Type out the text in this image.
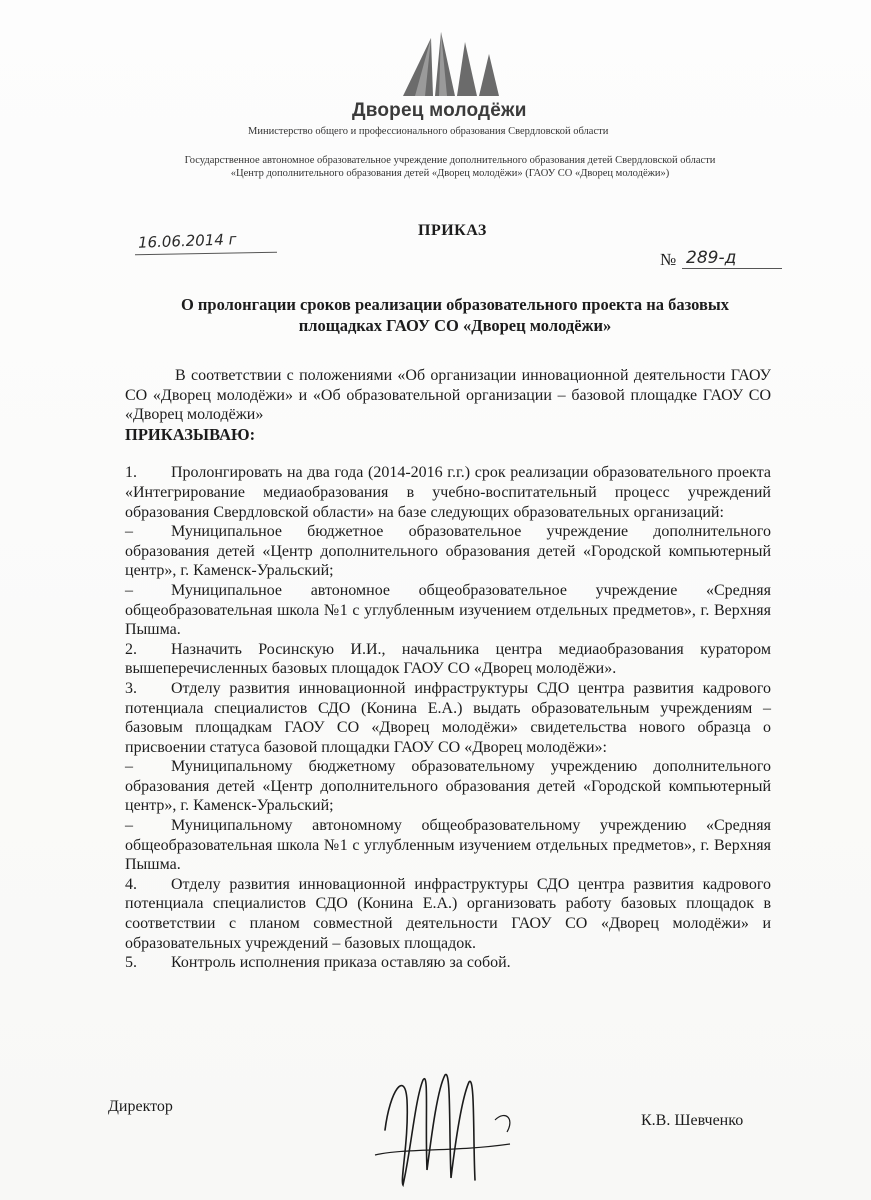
Дворец молодёжи
Министерство общего и профессионального образования Свердловской области
Государственное автономное образовательное учреждение дополнительного образования детей Свердловской области
«Центр дополнительного образования детей «Дворец молодёжи» (ГАОУ СО «Дворец молодёжи»)
ПРИКАЗ
16.06.2014 г
№ 289-д
О пролонгации сроков реализации образовательного проекта на базовых площадках ГАОУ СО «Дворец молодёжи»

В соответствии с положениями «Об организации инновационной деятельности ГАОУ СО «Дворец молодёжи» и «Об образовательной организации – базовой площадке ГАОУ СО «Дворец молодёжи»

ПРИКАЗЫВАЮ:

1. Пролонгировать на два года (2014-2016 г.г.) срок реализации образовательного проекта «Интегрирование медиаобразования в учебно-воспитательный процесс учреждений образования Свердловской области» на базе следующих образовательных организаций:

– Муниципальное бюджетное образовательное учреждение дополнительного образования детей «Центр дополнительного образования детей «Городской компьютерный центр», г. Каменск-Уральский;

– Муниципальное автономное общеобразовательное учреждение «Средняя общеобразовательная школа №1 с углубленным изучением отдельных предметов», г. Верхняя Пышма.

2. Назначить Росинскую И.И., начальника центра медиаобразования куратором вышеперечисленных базовых площадок ГАОУ СО «Дворец молодёжи».

3. Отделу развития инновационной инфраструктуры СДО центра развития кадрового потенциала специалистов СДО (Конина Е.А.) выдать образовательным учреждениям – базовым площадкам ГАОУ СО «Дворец молодёжи» свидетельства нового образца о присвоении статуса базовой площадки ГАОУ СО «Дворец молодёжи»:

– Муниципальному бюджетному образовательному учреждению дополнительного образования детей «Центр дополнительного образования детей «Городской компьютерный центр», г. Каменск-Уральский;

– Муниципальному автономному общеобразовательному учреждению «Средняя общеобразовательная школа №1 с углубленным изучением отдельных предметов», г. Верхняя Пышма.

4. Отделу развития инновационной инфраструктуры СДО центра развития кадрового потенциала специалистов СДО (Конина Е.А.) организовать работу базовых площадок в соответствии с планом совместной деятельности ГАОУ СО «Дворец молодёжи» и образовательных учреждений – базовых площадок.

5. Контроль исполнения приказа оставляю за собой.

Директор
К.В. Шевченко
